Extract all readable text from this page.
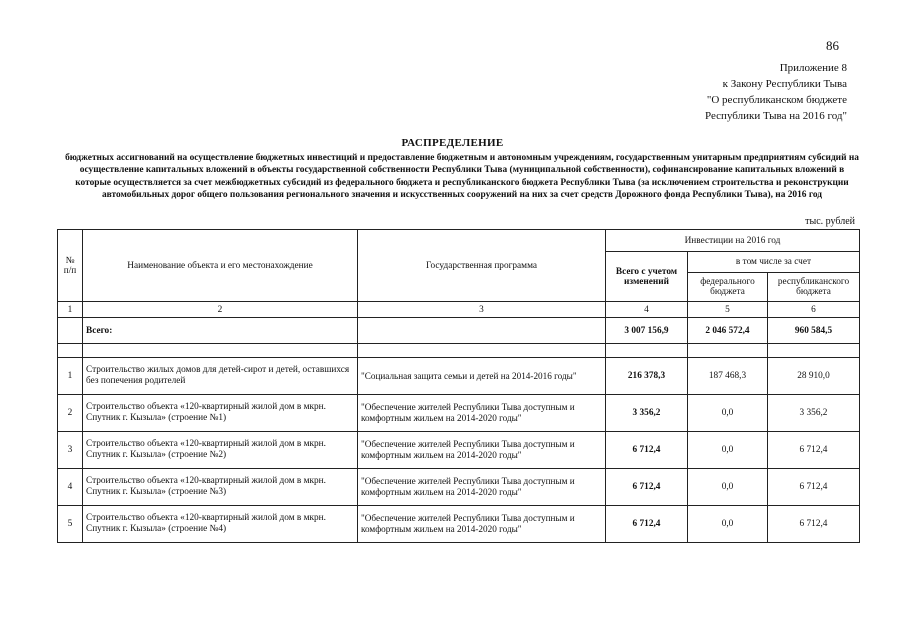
86
Приложение 8
к Закону Республики Тыва
"О республиканском бюджете
Республики Тыва на 2016 год"
РАСПРЕДЕЛЕНИЕ
бюджетных ассигнований на осуществление бюджетных инвестиций и предоставление бюджетным и автономным учреждениям, государственным унитарным предприятиям субсидий на осуществление капитальных вложений в объекты государственной собственности Республики Тыва (муниципальной собственности), софинансирование капитальных вложений в которые осуществляется за счет межбюджетных субсидий из федерального бюджета и республиканского бюджета Республики Тыва (за исключением строительства и реконструкции автомобильных дорог общего пользования регионального значения и искусственных сооружений на них за счет средств Дорожного фонда Республики Тыва), на 2016 год
тыс. рублей
№ п/п	Наименование объекта и его местонахождение	Государственная программа	Инвестиции на 2016 год		
			Всего с учетом изменений	в том числе за счет	
				федерального бюджета	республиканского бюджета
1	2	3	4	5	6
	Всего:		3 007 156,9	2 046 572,4	960 584,5

1	Строительство жилых домов для детей-сирот и детей, оставшихся без попечения родителей	"Социальная защита семьи и детей на 2014-2016 годы"	216 378,3	187 468,3	28 910,0
2	Строительство объекта «120-квартирный жилой дом в мкрн. Спутник г. Кызыла» (строение №1)	"Обеспечение жителей Республики Тыва доступным и комфортным жильем на 2014-2020 годы"	3 356,2	0,0	3 356,2
3	Строительство объекта «120-квартирный жилой дом в мкрн. Спутник г. Кызыла» (строение №2)	"Обеспечение жителей Республики Тыва доступным и комфортным жильем на 2014-2020 годы"	6 712,4	0,0	6 712,4
4	Строительство объекта «120-квартирный жилой дом в мкрн. Спутник г. Кызыла» (строение №3)	"Обеспечение жителей Республики Тыва доступным и комфортным жильем на 2014-2020 годы"	6 712,4	0,0	6 712,4
5	Строительство объекта «120-квартирный жилой дом в мкрн. Спутник г. Кызыла» (строение №4)	"Обеспечение жителей Республики Тыва доступным и комфортным жильем на 2014-2020 годы"	6 712,4	0,0	6 712,4
